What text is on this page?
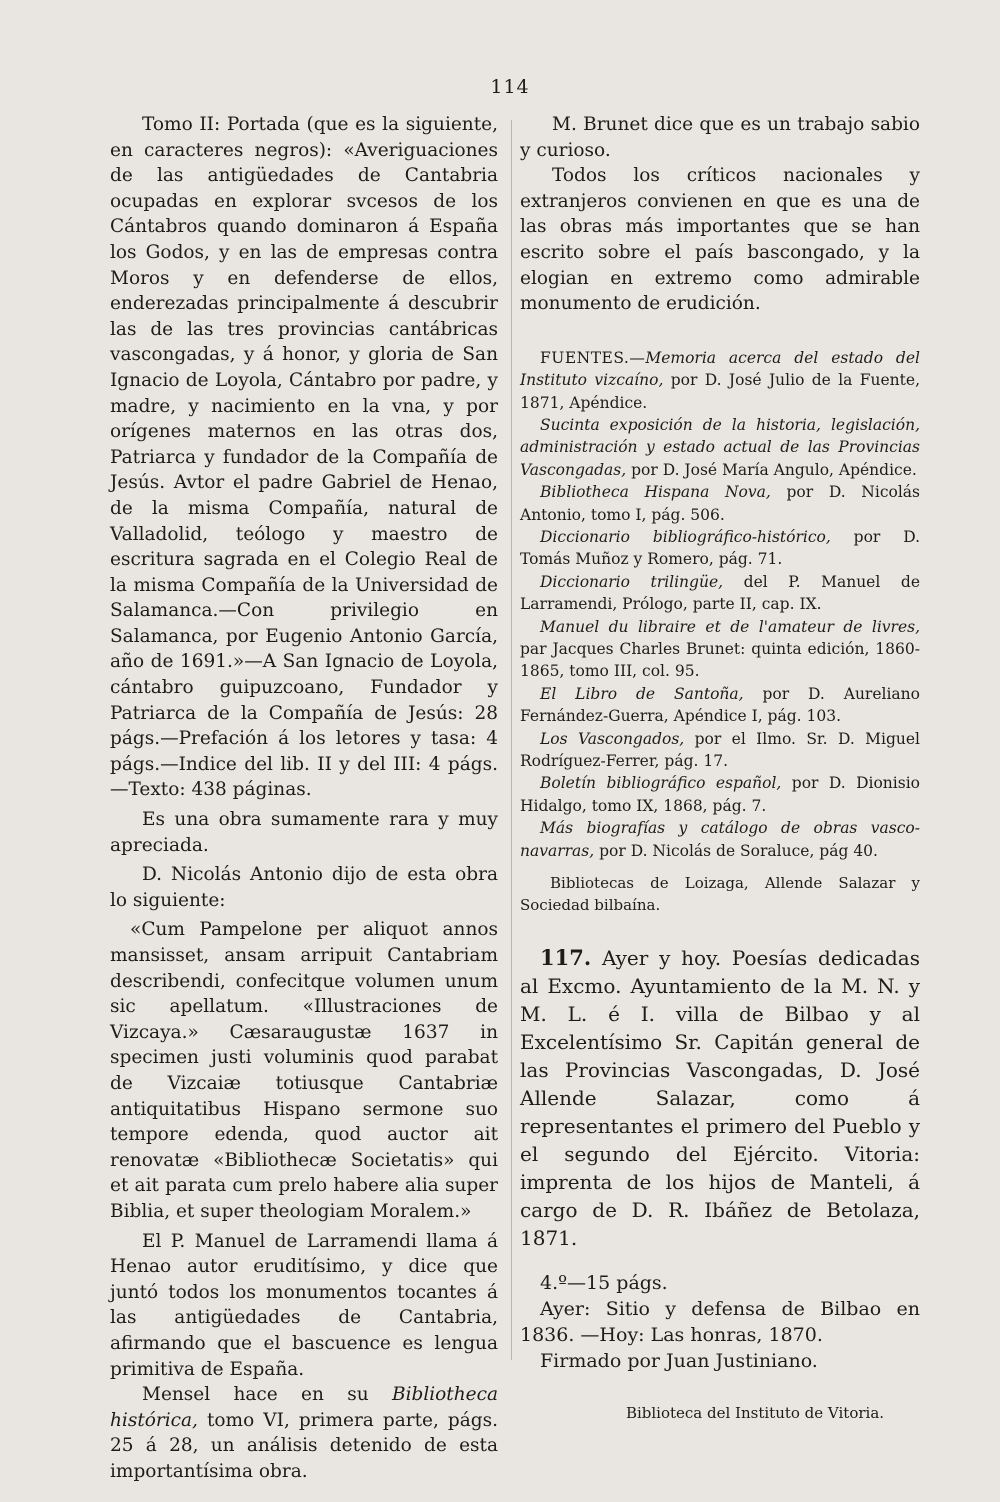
114

Tomo II: Portada (que es la siguiente, en caracteres negros): «Averiguaciones de las antigüedades de Cantabria ocupadas en explorar svcesos de los Cántabros quando dominaron á España los Godos, y en las de empresas contra Moros y en defenderse de ellos, enderezadas principalmente á descubrir las de las tres provincias cantábricas vascongadas, y á honor, y gloria de San Ignacio de Loyola, Cántabro por padre, y madre, y nacimiento en la vna, y por orígenes maternos en las otras dos, Patriarca y fundador de la Compañía de Jesús. Avtor el padre Gabriel de Henao, de la misma Compañía, natural de Valladolid, teólogo y maestro de escritura sagrada en el Colegio Real de la misma Compañía de la Universidad de Salamanca.—Con privilegio en Salamanca, por Eugenio Antonio García, año de 1691.»—A San Ignacio de Loyola, cántabro guipuzcoano, Fundador y Patriarca de la Compañía de Jesús: 28 págs.—Prefación á los letores y tasa: 4 págs.—Indice del lib. II y del III: 4 págs.—Texto: 438 páginas.

Es una obra sumamente rara y muy apreciada.

D. Nicolás Antonio dijo de esta obra lo siguiente:

«Cum Pampelone per aliquot annos mansisset, ansam arripuit Cantabriam describendi, confecitque volumen unum sic apellatum. «Illustraciones de Vizcaya.» Cæsaraugustæ 1637 in specimen justi voluminis quod parabat de Vizcaiæ totiusque Cantabriæ antiquitatibus Hispano sermone suo tempore edenda, quod auctor ait renovatæ «Bibliothecæ Societatis» qui et ait parata cum prelo habere alia super Biblia, et super theologiam Moralem.»

El P. Manuel de Larramendi llama á Henao autor eruditísimo, y dice que juntó todos los monumentos tocantes á las antigüedades de Cantabria, afirmando que el bascuence es lengua primitiva de España.

Mensel hace en su Bibliotheca histórica, tomo VI, primera parte, págs. 25 á 28, un análisis detenido de esta importantísima obra.

M. Brunet dice que es un trabajo sabio y curioso.

Todos los críticos nacionales y extranjeros convienen en que es una de las obras más importantes que se han escrito sobre el país bascongado, y la elogian en extremo como admirable monumento de erudición.

FUENTES.—Memoria acerca del estado del Instituto vizcaíno, por D. José Julio de la Fuente, 1871, Apéndice.

Sucinta exposición de la historia, legislación, administración y estado actual de las Provincias Vascongadas, por D. José María Angulo, Apéndice.

Bibliotheca Hispana Nova, por D. Nicolás Antonio, tomo I, pág. 506.

Diccionario bibliográfico-histórico, por D. Tomás Muñoz y Romero, pág. 71.

Diccionario trilingüe, del P. Manuel de Larramendi, Prólogo, parte II, cap. IX.

Manuel du libraire et de l'amateur de livres, par Jacques Charles Brunet: quinta edición, 1860-1865, tomo III, col. 95.

El Libro de Santoña, por D. Aureliano Fernández-Guerra, Apéndice I, pág. 103.

Los Vascongados, por el Ilmo. Sr. D. Miguel Rodríguez-Ferrer, pág. 17.

Boletín bibliográfico español, por D. Dionisio Hidalgo, tomo IX, 1868, pág. 7.

Más biografías y catálogo de obras vasco-navarras, por D. Nicolás de Soraluce, pág 40.

Bibliotecas de Loizaga, Allende Salazar y Sociedad bilbaína.

117. Ayer y hoy. Poesías dedicadas al Excmo. Ayuntamiento de la M. N. y M. L. é I. villa de Bilbao y al Excelentísimo Sr. Capitán general de las Provincias Vascongadas, D. José Allende Salazar, como á representantes el primero del Pueblo y el segundo del Ejército. Vitoria: imprenta de los hijos de Manteli, á cargo de D. R. Ibáñez de Betolaza, 1871.

4.º—15 págs.

Ayer: Sitio y defensa de Bilbao en 1836. —Hoy: Las honras, 1870.

Firmado por Juan Justiniano.

Biblioteca del Instituto de Vitoria.
